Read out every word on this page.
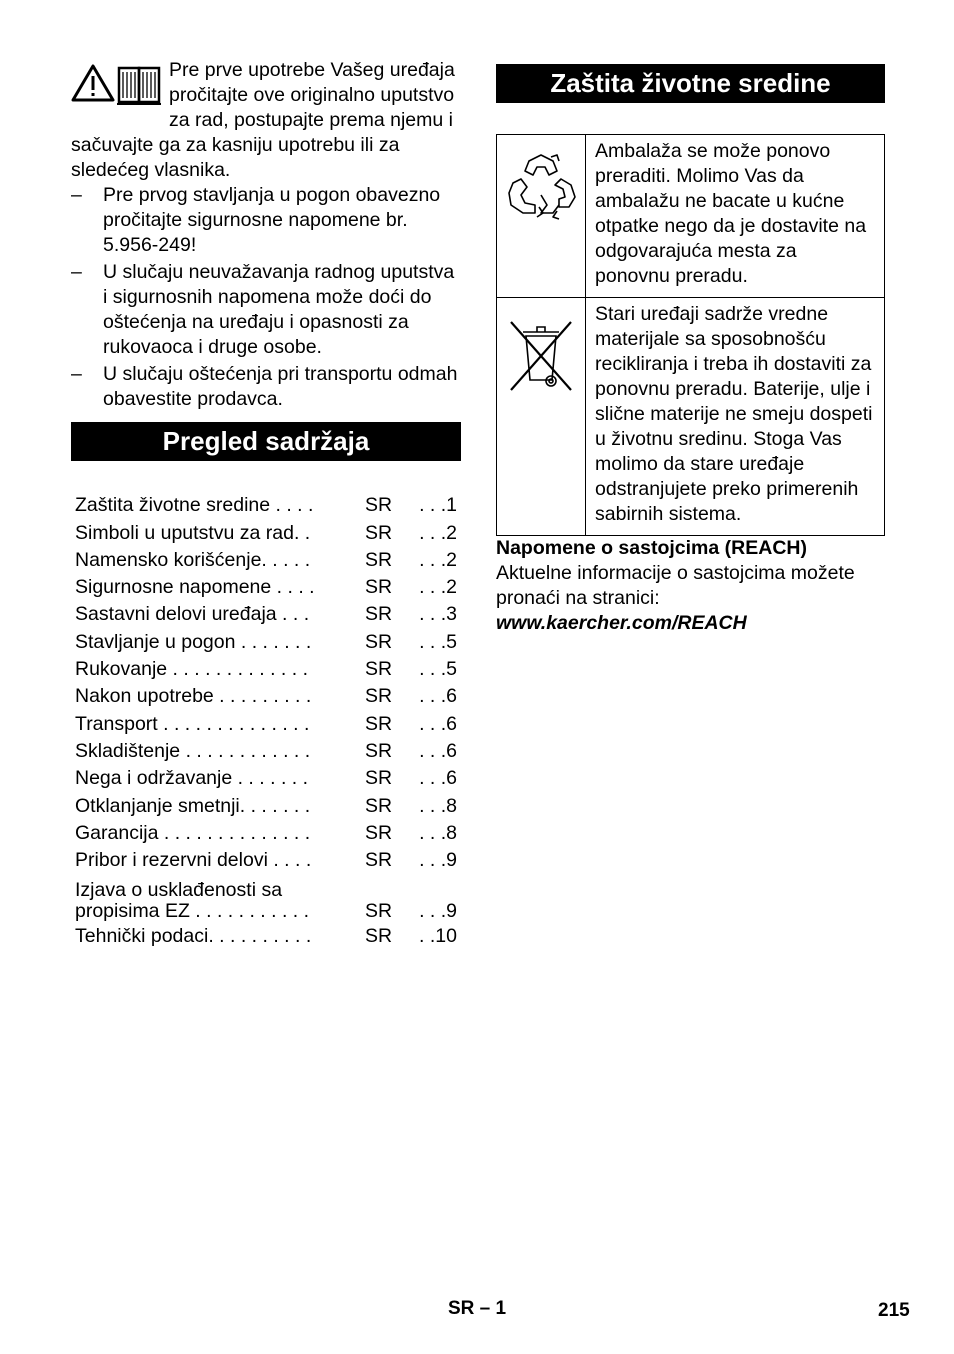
Pre prve upotrebe Vašeg uređaja pročitajte ove originalno uputstvo za rad, postupajte prema njemu i sačuvajte ga za kasniju upotrebu ili za sledećeg vlasnika.

– Pre prvog stavljanja u pogon obavezno pročitajte sigurnosne napomene br. 5.956-249!
– U slučaju neuvažavanja radnog uputstva i sigurnosnih napomena može doći do oštećenja na uređaju i opasnosti za rukovaoca i druge osobe.
– U slučaju oštećenja pri transportu odmah obavestite prodavca.
Pregled sadržaja
Zaštita životne sredine . . . .	SR	. . .1
Simboli u uputstvu za rad. .	SR	. . .2
Namensko korišćenje. . . . .	SR	. . .2
Sigurnosne napomene . . . .	SR	. . .2
Sastavni delovi uređaja . . .	SR	. . .3
Stavljanje u pogon . . . . . . .	SR	. . .5
Rukovanje . . . . . . . . . . . . .	SR	. . .5
Nakon upotrebe . . . . . . . . .	SR	. . .6
Transport . . . . . . . . . . . . . .	SR	. . .6
Skladištenje . . . . . . . . . . . .	SR	. . .6
Nega i održavanje . . . . . . .	SR	. . .6
Otklanjanje smetnji. . . . . . .	SR	. . .8
Garancija . . . . . . . . . . . . . .	SR	. . .8
Pribor i rezervni delovi . . . .	SR	. . .9
Izjava o usklađenosti sa
propisima EZ . . . . . . . . . . .	SR	. . .9
Tehnički podaci. . . . . . . . . .	SR	. .10
Zaštita životne sredine
	Ambalaža se može ponovo preraditi. Molimo Vas da ambalažu ne bacate u kućne otpatke nego da je dostavite na odgovarajuća mesta za ponovnu preradu.
	Stari uređaji sadrže vredne materijale sa sposobnošću recikliranja i treba ih dostaviti za ponovnu preradu. Baterije, ulje i slične materije ne smeju dospeti u životnu sredinu. Stoga Vas molimo da stare uređaje odstranjujete preko primerenih sabirnih sistema.
Napomene o sastojcima (REACH)
Aktuelne informacije o sastojcima možete pronaći na stranici:
www.kaercher.com/REACH
SR – 1	215
